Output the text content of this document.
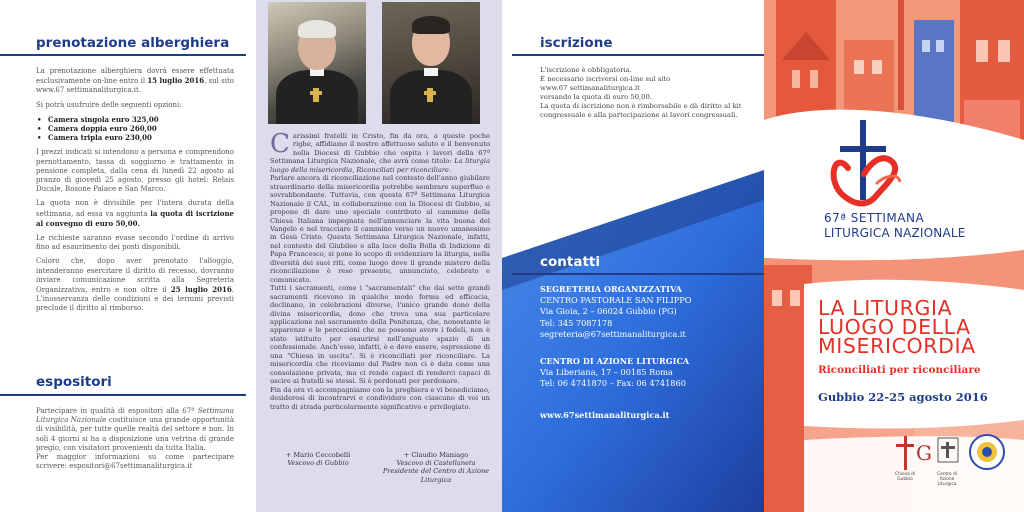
prenotazione alberghiera

La prenotazione alberghiera dovrà essere effettuata esclusivamente on-line entro il 15 luglio 2016, sul sito www.67 settimanaliturgica.it.

Si potrà usufruire delle seguenti opzioni:

• Camera singola euro 325,00
• Camera doppia euro 260,00
• Camera tripla euro 230,00

I prezzi indicati si intendono a persona e comprendono pernottamento, tassa di soggiorno e trattamento in pensione completa, dalla cena di lunedì 22 agosto al pranzo di giovedì 25 agosto, presso gli hotel: Relais Ducale, Bosone Palace e San Marco.

La quota non è divisibile per l'intera durata della settimana, ad essa va aggiunta la quota di iscrizione al convegno di euro 50,00.

Le richieste saranno evase secondo l'ordine di arrivo fino ad esaurimento dei posti disponibili.

Coloro che, dopo aver prenotato l'alloggio, intenderanno esercitare il diritto di recesso, dovranno inviare comunicazione scritta alla Segreteria Organizzativa, entro e non oltre il 25 luglio 2016. L'inosservanza delle condizioni e dei termini previsti preclude il diritto al rimborso.

espositori

Partecipare in qualità di espositori alla 67ª Settimana Liturgica Nazionale costituisce una grande opportunità di visibilità, per tutte quelle realtà del settore e non. In soli 4 giorni si ha a disposizione una vetrina di grande pregio, con visitatori provenienti da tutta Italia.
Per maggior informazioni su come partecipare scrivere: espositori@67settimanaliturgica.it

C arissimi fratelli in Cristo, fin da ora, a queste poche righe, affidiamo il nostro affettuoso saluto e il benvenuto nella Diocesi di Gubbio che ospita i lavori della 67ª Settimana Liturgica Nazionale, che avrà come titolo: La liturgia luogo della misericordia, Riconciliati per riconciliare.
Parlare ancora di riconciliazione nel contesto dell'anno giubilare straordinario della misericordia potrebbe sembrare superfluo e sovrabbondante. Tuttavia, con questa 67ª Settimana Liturgica Nazionale il CAL, in collaborazione con la Diocesi di Gubbio, si propone di dare uno speciale contributo al cammino della Chiesa Italiana impegnata nell'annunciare la vita buona del Vangelo e nel tracciare il cammino verso un nuovo umanesimo in Gesù Cristo. Questa Settimana Liturgica Nazionale, infatti, nel contesto del Giubileo e alla luce della Bolla di Indizione di Papa Francesco, si pone lo scopo di evidenziare la liturgia, nella diversità dei suoi riti, come luogo dove il grande mistero della riconciliazione è reso presente, annunciato, celebrato e comunicato.
Tutti i sacramenti, come i "sacramentali" che dai sette grandi sacramenti ricevono in qualche modo forma ed efficacia, declinano, in celebrazioni diverse, l'unico grande dono della divina misericordia, dono che trova una sua particolare applicazione nel sacramento della Penitenza, che, nonostante le apparenze e le percezioni che ne possono avere i fedeli, non è stato istituito per esaurirsi nell'angusto spazio di un confessionale. Anch'esso, infatti, è e deve essere, espressione di una "Chiesa in uscita". Si è riconciliati per riconciliare. La misericordia che riceviamo dal Padre non ci è data come una consolazione privata, ma ci rende capaci di renderci capaci di uscire ai fratelli se stessi. Si è perdonati per perdonare.
Fin da ora vi accompagniamo con la preghiera e vi benediciamo, desiderosi di incontrarvi e condividere con ciascuno di voi un tratto di strada particolarmente significativo e privilegiato.
+ Mario Ceccobelli
Vescovo di Gubbio
+ Claudio Maniago
Vescovo di Castellaneta
Presidente del Centro di Azione Liturgica
iscrizione
L'iscrizione è obbligatoria.
È necessario iscriversi on-line sul sito
www.67 settimanaliturgica.it
versando la quota di euro 50,00.
La quota di iscrizione non è rimborsabile e dà diritto al kit
congressuale e alla partecipazione ai lavori congressuali.
contatti
SEGRETERIA ORGANIZZATIVA
CENTRO PASTORALE SAN FILIPPO
Via Gioia, 2 – 06024 Gubbio (PG)
Tel: 345 7087178
segreteria@67settimanaliturgica.it
CENTRO DI AZIONE LITURGICA
Via Liberiana, 17 – 00185 Roma
Tel: 06 4741870 – Fax: 06 4741860
www.67settimanaliturgica.it
67ª SETTIMANA
LITURGICA NAZIONALE
LA LITURGIA
LUOGO DELLA
MISERICORDIA
Riconciliati per riconciliare
Gubbio 22-25 agosto 2016
G
Chiesa di Gubbio
Centro di Azione Liturgica
